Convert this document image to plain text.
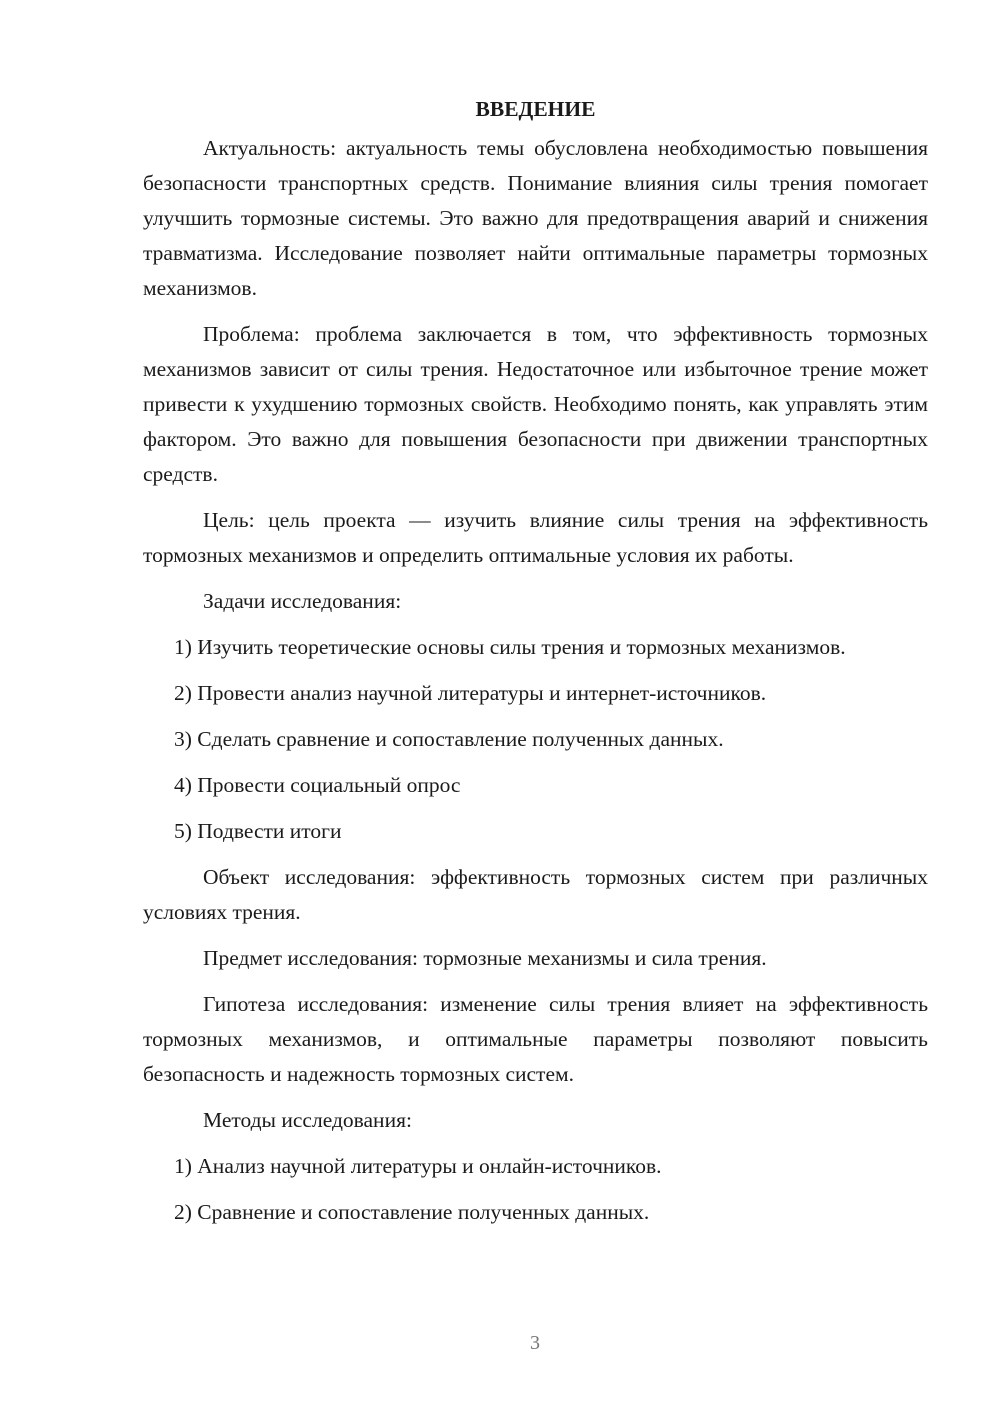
ВВЕДЕНИЕ

Актуальность: актуальность темы обусловлена необходимостью повышения безопасности транспортных средств. Понимание влияния силы трения помогает улучшить тормозные системы. Это важно для предотвращения аварий и снижения травматизма. Исследование позволяет найти оптимальные параметры тормозных механизмов.

Проблема: проблема заключается в том, что эффективность тормозных механизмов зависит от силы трения. Недостаточное или избыточное трение может привести к ухудшению тормозных свойств. Необходимо понять, как управлять этим фактором. Это важно для повышения безопасности при движении транспортных средств.

Цель: цель проекта — изучить влияние силы трения на эффективность тормозных механизмов и определить оптимальные условия их работы.

Задачи исследования:

1) Изучить теоретические основы силы трения и тормозных механизмов.

2) Провести анализ научной литературы и интернет-источников.

3) Сделать сравнение и сопоставление полученных данных.

4) Провести социальный опрос

5) Подвести итоги

Объект исследования: эффективность тормозных систем при различных условиях трения.

Предмет исследования: тормозные механизмы и сила трения.

Гипотеза исследования: изменение силы трения влияет на эффективность тормозных механизмов, и оптимальные параметры позволяют повысить безопасность и надежность тормозных систем.

Методы исследования:

1) Анализ научной литературы и онлайн-источников.

2) Сравнение и сопоставление полученных данных.

3
